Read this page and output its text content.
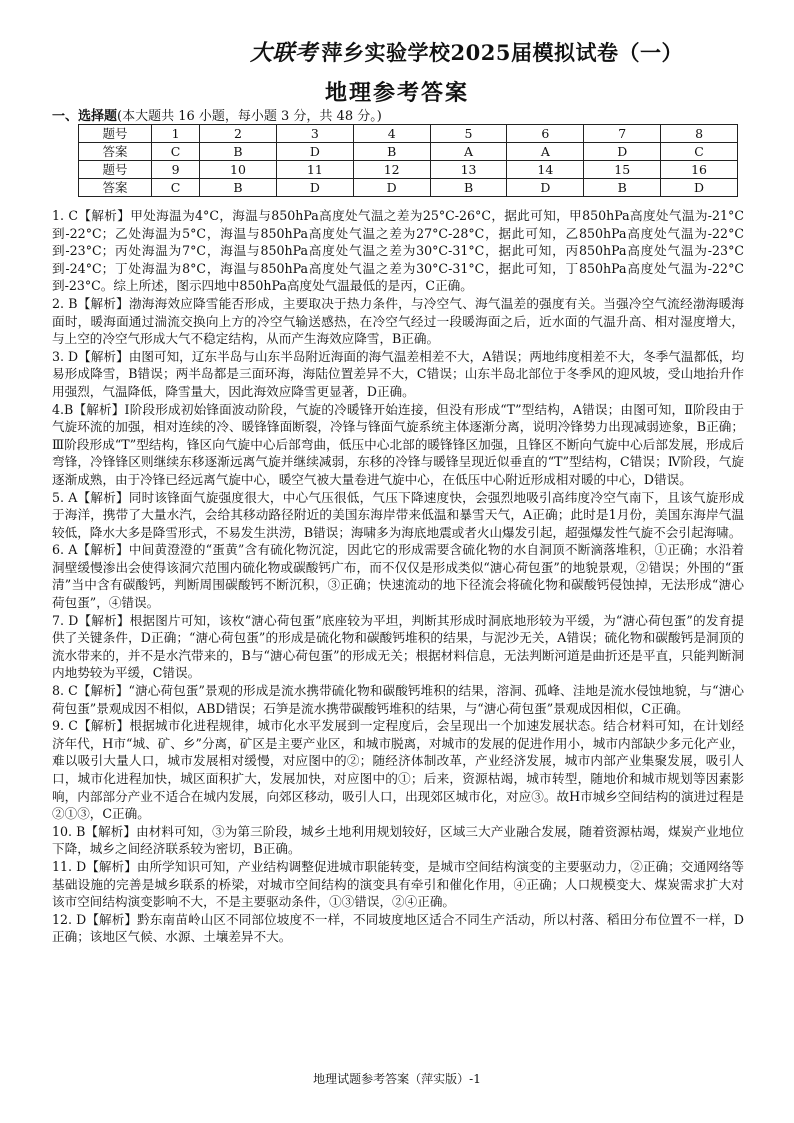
大联考 萍乡实验学校2025届模拟试卷（一）
地理参考答案
一、选择题(本大题共 16 小题，每小题 3 分，共 48 分。)
题号	1	2	3	4	5	6	7	8
答案	C	B	D	B	A	A	D	C
题号	9	10	11	12	13	14	15	16
答案	C	B	D	D	B	D	B	D

1. C【解析】甲处海温为4°C，海温与850hPa高度处气温之差为25°C-26°C，据此可知，甲850hPa高度处气温为-21°C到-22°C；乙处海温为5°C，海温与850hPa高度处气温之差为27°C-28°C，据此可知，乙850hPa高度处气温为-22°C到-23°C；丙处海温为7°C，海温与850hPa高度处气温之差为30°C-31°C，据此可知，丙850hPa高度处气温为-23°C到-24°C；丁处海温为8°C，海温与850hPa高度处气温之差为30°C-31°C，据此可知，丁850hPa高度处气温为-22°C到-23°C。综上所述，图示四地中850hPa高度处气温最低的是丙，C正确。

2. B【解析】渤海海效应降雪能否形成，主要取决于热力条件，与冷空气、海气温差的强度有关。当强冷空气流经渤海暖海面时，暖海面通过湍流交换向上方的冷空气输送感热，在冷空气经过一段暖海面之后，近水面的气温升高、相对湿度增大，与上空的冷空气形成大气不稳定结构，从而产生海效应降雪，B正确。

3. D【解析】由图可知，辽东半岛与山东半岛附近海面的海气温差相差不大，A错误；两地纬度相差不大，冬季气温都低，均易形成降雪，B错误；两半岛都是三面环海，海陆位置差异不大，C错误；山东半岛北部位于冬季风的迎风坡，受山地抬升作用强烈，气温降低，降雪量大，因此海效应降雪更显著，D正确。

4.B【解析】Ⅰ阶段形成初始锋面波动阶段，气旋的冷暖锋开始连接，但没有形成“T”型结构，A错误；由图可知，Ⅱ阶段由于气旋环流的加强，相对连续的冷、暖锋锋面断裂，冷锋与锋面气旋系统主体逐渐分离，说明冷锋势力出现减弱迹象，B正确；Ⅲ阶段形成“T”型结构，锋区向气旋中心后部弯曲，低压中心北部的暖锋锋区加强，且锋区不断向气旋中心后部发展，形成后弯锋，冷锋锋区则继续东移逐渐远离气旋并继续减弱，东移的冷锋与暖锋呈现近似垂直的“T”型结构，C错误；Ⅳ阶段，气旋逐渐成熟，由于冷锋已经远离气旋中心，暖空气被大量卷进气旋中心，在低压中心附近形成相对暖的中心，D错误。

5. A【解析】同时该锋面气旋强度很大，中心气压很低，气压下降速度快，会强烈地吸引高纬度冷空气南下，且该气旋形成于海洋，携带了大量水汽，会给其移动路径附近的美国东海岸带来低温和暴雪天气，A正确；此时是1月份，美国东海岸气温较低，降水大多是降雪形式，不易发生洪涝，B错误；海啸多为海底地震或者火山爆发引起，超强爆发性气旋不会引起海啸。

6. A【解析】中间黄澄澄的“蛋黄”含有硫化物沉淀，因此它的形成需要含硫化物的水自洞顶不断滴落堆积，①正确；水沿着洞壁缓慢渗出会使得该洞穴范围内硫化物或碳酸钙广布，而不仅仅是形成类似“溏心荷包蛋”的地貌景观，②错误；外围的“蛋清”当中含有碳酸钙，判断周围碳酸钙不断沉积，③正确；快速流动的地下径流会将硫化物和碳酸钙侵蚀掉，无法形成“溏心荷包蛋”，④错误。

7. D【解析】根据图片可知，该枚“溏心荷包蛋”底座较为平坦，判断其形成时洞底地形较为平缓，为“溏心荷包蛋”的发育提供了关键条件，D正确；“溏心荷包蛋”的形成是硫化物和碳酸钙堆积的结果，与泥沙无关，A错误；硫化物和碳酸钙是洞顶的流水带来的，并不是水汽带来的，B与“溏心荷包蛋”的形成无关；根据材料信息，无法判断河道是曲折还是平直，只能判断洞内地势较为平缓，C错误。

8. C【解析】“溏心荷包蛋”景观的形成是流水携带硫化物和碳酸钙堆积的结果，溶洞、孤峰、洼地是流水侵蚀地貌，与“溏心荷包蛋”景观成因不相似，ABD错误；石笋是流水携带碳酸钙堆积的结果，与“溏心荷包蛋”景观成因相似，C正确。

9. C【解析】根据城市化进程规律，城市化水平发展到一定程度后，会呈现出一个加速发展状态。结合材料可知，在计划经济年代，H市“城、矿、乡”分离，矿区是主要产业区，和城市脱离，对城市的发展的促进作用小，城市内部缺少多元化产业，难以吸引大量人口，城市发展相对缓慢，对应图中的②；随经济体制改革，产业经济发展，城市内部产业集聚发展，吸引人口，城市化进程加快，城区面积扩大，发展加快，对应图中的①；后来，资源枯竭，城市转型，随地价和城市规划等因素影响，内部部分产业不适合在城内发展，向郊区移动，吸引人口，出现郊区城市化，对应③。故H市城乡空间结构的演进过程是②①③，C正确。

10. B【解析】由材料可知，③为第三阶段，城乡土地利用规划较好，区域三大产业融合发展，随着资源枯竭，煤炭产业地位下降，城乡之间经济联系较为密切，B正确。

11. D【解析】由所学知识可知，产业结构调整促进城市职能转变，是城市空间结构演变的主要驱动力，②正确；交通网络等基础设施的完善是城乡联系的桥梁，对城市空间结构的演变具有牵引和催化作用，④正确；人口规模变大、煤炭需求扩大对该市空间结构演变影响不大，不是主要驱动条件，①③错误，②④正确。

12. D【解析】黔东南苗岭山区不同部位坡度不一样，不同坡度地区适合不同生产活动，所以村落、稻田分布位置不一样，D正确；该地区气候、水源、土壤差异不大。

地理试题参考答案（萍实版）-1
